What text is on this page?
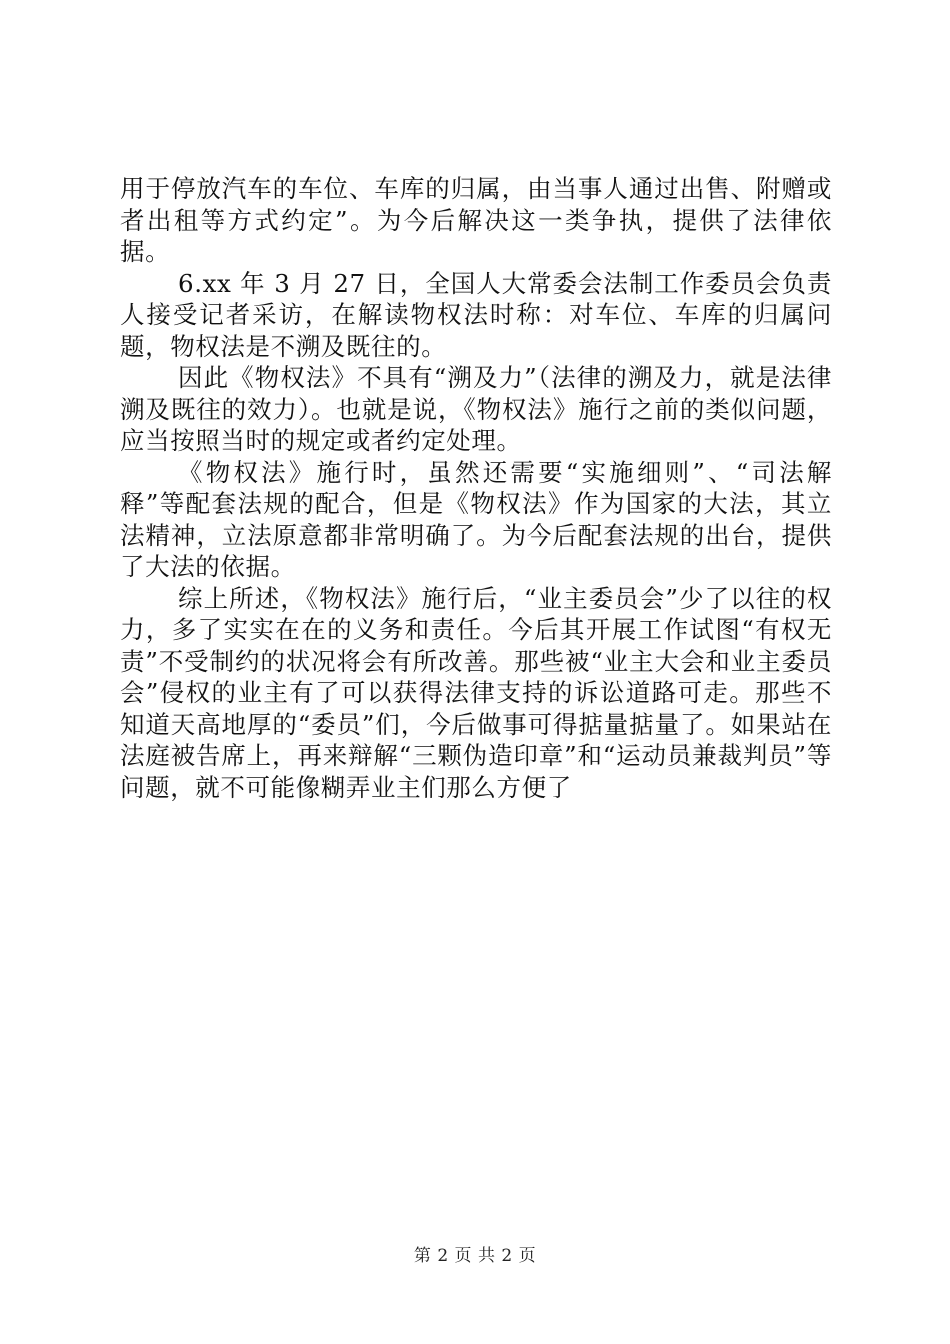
用于停放汽车的车位、车库的归属，由当事人通过出售、附赠或者出租等方式约定”。为今后解决这一类争执，提供了法律依据。

6.xx 年 3 月 27 日，全国人大常委会法制工作委员会负责人接受记者采访，在解读物权法时称：对车位、车库的归属问题，物权法是不溯及既往的。

因此《物权法》不具有“溯及力”（法律的溯及力，就是法律溯及既往的效力）。也就是说，《物权法》施行之前的类似问题，应当按照当时的规定或者约定处理。

《物权法》施行时，虽然还需要“实施细则”、“司法解释”等配套法规的配合，但是《物权法》作为国家的大法，其立法精神，立法原意都非常明确了。为今后配套法规的出台，提供了大法的依据。

综上所述，《物权法》施行后，“业主委员会”少了以往的权力，多了实实在在的义务和责任。今后其开展工作试图“有权无责”不受制约的状况将会有所改善。那些被“业主大会和业主委员会”侵权的业主有了可以获得法律支持的诉讼道路可走。那些不知道天高地厚的“委员”们，今后做事可得掂量掂量了。如果站在法庭被告席上，再来辩解“三颗伪造印章”和“运动员兼裁判员”等问题，就不可能像糊弄业主们那么方便了

第 2 页 共 2 页
